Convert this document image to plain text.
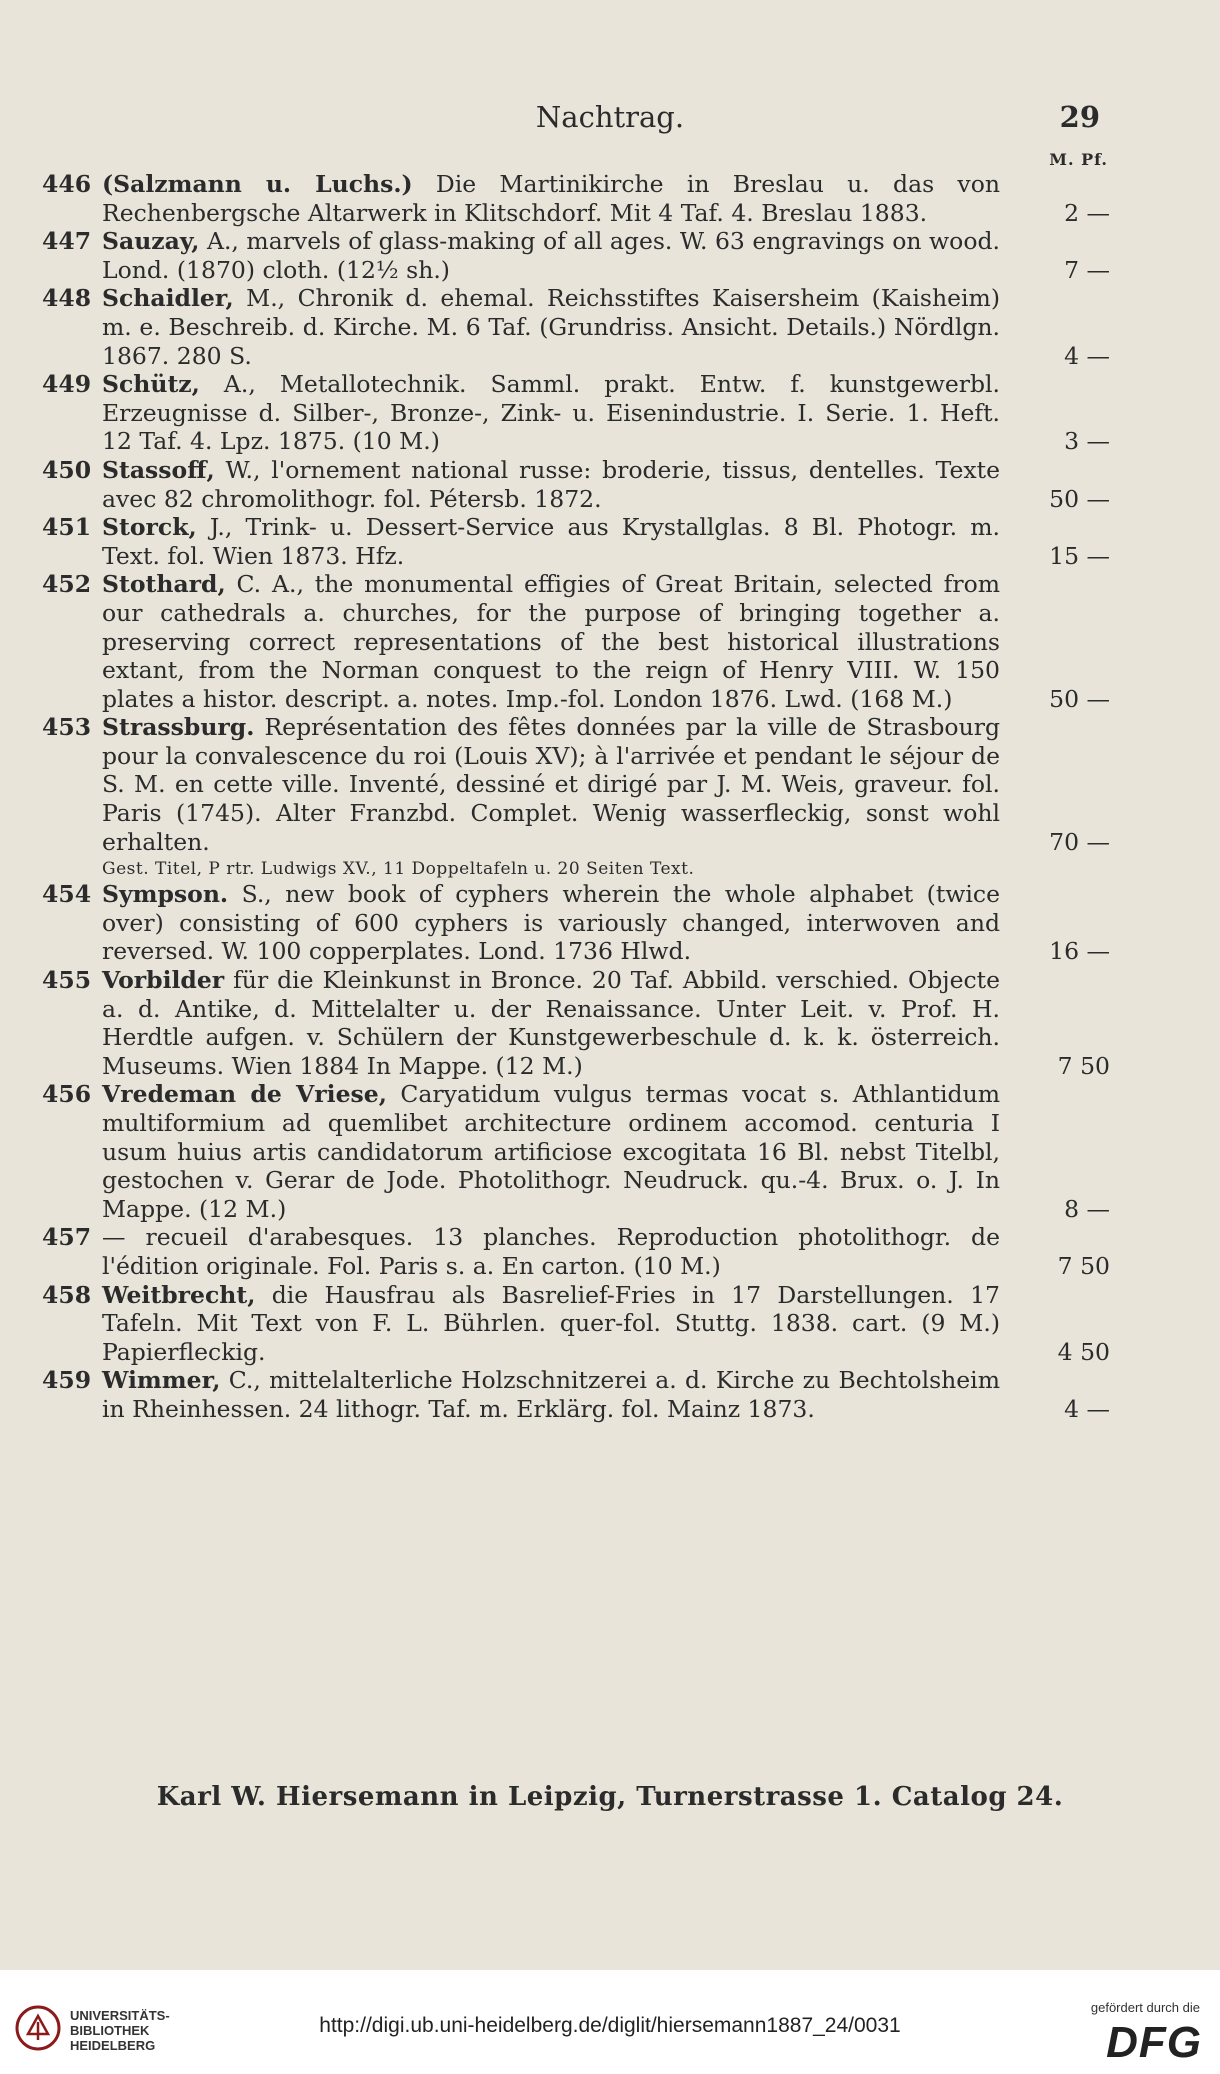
Nachtrag.	29
M. Pf.
446 (Salzmann u. Luchs.) Die Martinikirche in Breslau u. das von Rechenbergsche Altarwerk in Klitschdorf. Mit 4 Taf. 4. Breslau 1883.	2 —
447 Sauzay, A., marvels of glass-making of all ages. W. 63 engravings on wood. Lond. (1870) cloth. (12½ sh.)	7 —
448 Schaidler, M., Chronik d. ehemal. Reichsstiftes Kaisersheim (Kaisheim) m. e. Beschreib. d. Kirche. M. 6 Taf. (Grundriss. Ansicht. Details.) Nördlgn. 1867. 280 S.	4 —
449 Schütz, A., Metallotechnik. Samml. prakt. Entw. f. kunstgewerbl. Erzeugnisse d. Silber-, Bronze-, Zink- u. Eisenindustrie. I. Serie. 1. Heft. 12 Taf. 4. Lpz. 1875. (10 M.)	3 —
450 Stassoff, W., l'ornement national russe: broderie, tissus, dentelles. Texte avec 82 chromolithogr. fol. Pétersb. 1872.	50 —
451 Storck, J., Trink- u. Dessert-Service aus Krystallglas. 8 Bl. Photogr. m. Text. fol. Wien 1873. Hfz.	15 —
452 Stothard, C. A., the monumental effigies of Great Britain, selected from our cathedrals a. churches, for the purpose of bringing together a. preserving correct representations of the best historical illustrations extant, from the Norman conquest to the reign of Henry VIII. W. 150 plates a histor. descript. a. notes. Imp.-fol. London 1876. Lwd. (168 M.)	50 —
453 Strassburg. Représentation des fêtes données par la ville de Strasbourg pour la convalescence du roi (Louis XV); à l'arrivée et pendant le séjour de S. M. en cette ville. Inventé, dessiné et dirigé par J. M. Weis, graveur. fol. Paris (1745). Alter Franzbd. Complet. Wenig wasserfleckig, sonst wohl erhalten.	70 —
Gest. Titel, P rtr. Ludwigs XV., 11 Doppeltafeln u. 20 Seiten Text.
454 Sympson. S., new book of cyphers wherein the whole alphabet (twice over) consisting of 600 cyphers is variously changed, interwoven and reversed. W. 100 copperplates. Lond. 1736 Hlwd.	16 —
455 Vorbilder für die Kleinkunst in Bronce. 20 Taf. Abbild. verschied. Objecte a. d. Antike, d. Mittelalter u. der Renaissance. Unter Leit. v. Prof. H. Herdtle aufgen. v. Schülern der Kunstgewerbeschule d. k. k. österreich. Museums. Wien 1884 In Mappe. (12 M.)	7 50
456 Vredeman de Vriese, Caryatidum vulgus termas vocat s. Athlantidum multiformium ad quemlibet architecture ordinem accomod. centuria I usum huius artis candidatorum artificiose excogitata 16 Bl. nebst Titelbl, gestochen v. Gerar de Jode. Photolithogr. Neudruck. qu.-4. Brux. o. J. In Mappe. (12 M.)	8 —
457 — recueil d'arabesques. 13 planches. Reproduction photolithogr. de l'édition originale. Fol. Paris s. a. En carton. (10 M.)	7 50
458 Weitbrecht, die Hausfrau als Basrelief-Fries in 17 Darstellungen. 17 Tafeln. Mit Text von F. L. Bührlen. quer-fol. Stuttg. 1838. cart. (9 M.) Papierfleckig.	4 50
459 Wimmer, C., mittelalterliche Holzschnitzerei a. d. Kirche zu Bechtolsheim in Rheinhessen. 24 lithogr. Taf. m. Erklärg. fol. Mainz 1873.	4 —
Karl W. Hiersemann in Leipzig, Turnerstrasse 1. Catalog 24.
UNIVERSITÄTS-
BIBLIOTHEK
HEIDELBERG
http://digi.ub.uni-heidelberg.de/diglit/hiersemann1887_24/0031
gefördert durch die
DFG
